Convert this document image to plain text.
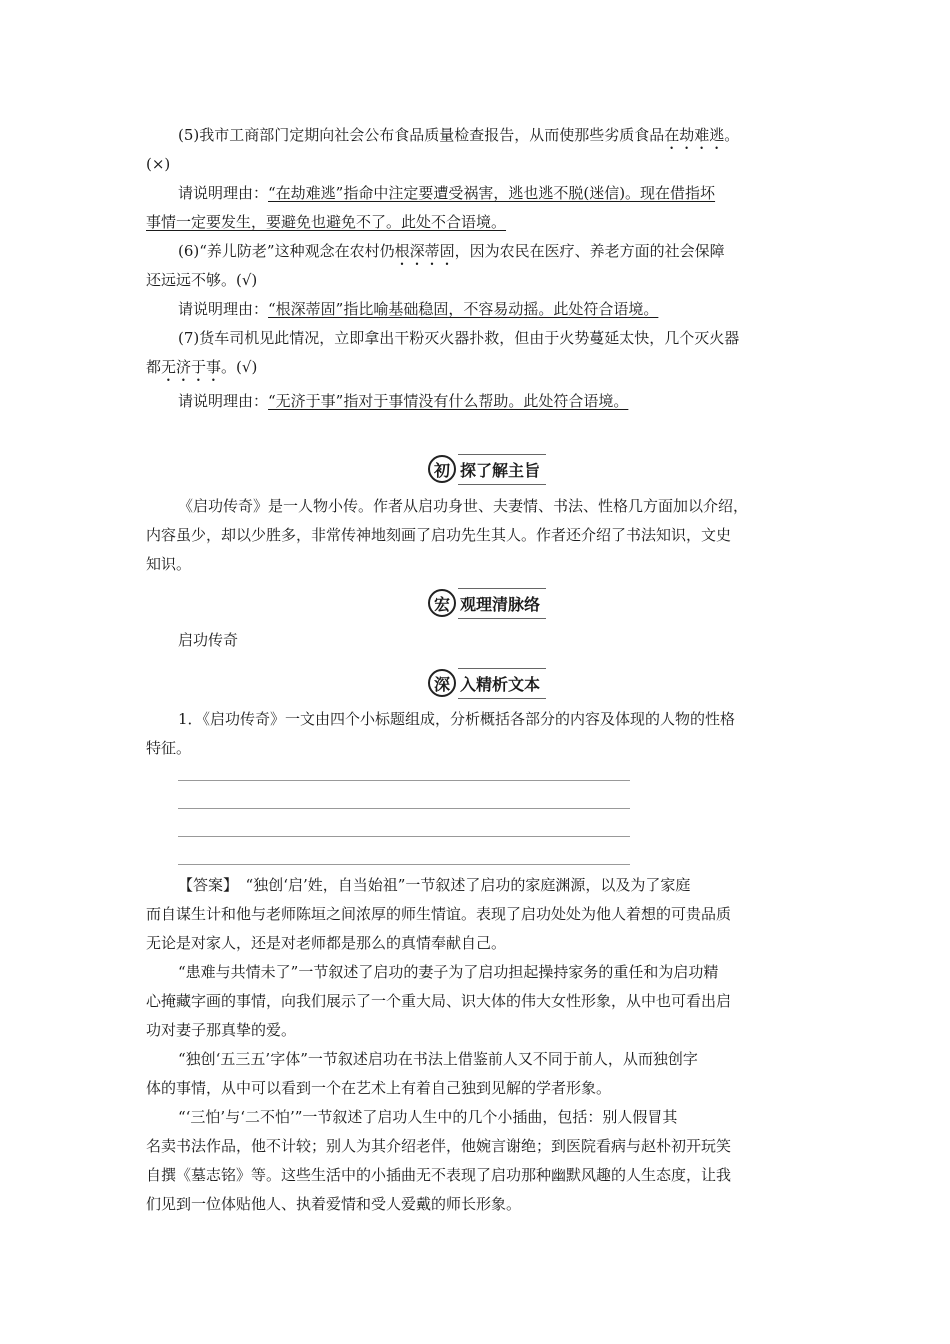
(5)我市工商部门定期向社会公布食品质量检查报告，从而使那些劣质食品在劫难逃。
(×)
请说明理由：“在劫难逃”指命中注定要遭受祸害，逃也逃不脱(迷信)。现在借指坏
事情一定要发生，要避免也避免不了。此处不合语境。
(6)“养儿防老”这种观念在农村仍根深蒂固，因为农民在医疗、养老方面的社会保障
还远远不够。(√)
请说明理由：“根深蒂固”指比喻基础稳固，不容易动摇。此处符合语境。
(7)货车司机见此情况，立即拿出干粉灭火器扑救，但由于火势蔓延太快，几个灭火器
都无济于事。(√)
请说明理由：“无济于事”指对于事情没有什么帮助。此处符合语境。
初 探了解主旨
《启功传奇》是一人物小传。作者从启功身世、夫妻情、书法、性格几方面加以介绍，
内容虽少，却以少胜多，非常传神地刻画了启功先生其人。作者还介绍了书法知识，文史
知识。
宏 观理清脉络
启功传奇
深 入精析文本
1．《启功传奇》一文由四个小标题组成，分析概括各部分的内容及体现的人物的性格
特征。
【答案】　 “独创‘启’姓，自当始祖”一节叙述了启功的家庭渊源，以及为了家庭
而自谋生计和他与老师陈垣之间浓厚的师生情谊。表现了启功处处为他人着想的可贵品质
无论是对家人，还是对老师都是那么的真情奉献自己。
“患难与共情未了”一节叙述了启功的妻子为了启功担起操持家务的重任和为启功精
心掩藏字画的事情，向我们展示了一个重大局、识大体的伟大女性形象，从中也可看出启
功对妻子那真挚的爱。
“独创‘五三五’字体”一节叙述启功在书法上借鉴前人又不同于前人，从而独创字
体的事情，从中可以看到一个在艺术上有着自己独到见解的学者形象。
“‘三怕’与‘二不怕’”一节叙述了启功人生中的几个小插曲，包括：别人假冒其
名卖书法作品，他不计较；别人为其介绍老伴，他婉言谢绝；到医院看病与赵朴初开玩笑
自撰《墓志铭》等。这些生活中的小插曲无不表现了启功那种幽默风趣的人生态度，让我
们见到一位体贴他人、执着爱情和受人爱戴的师长形象。
